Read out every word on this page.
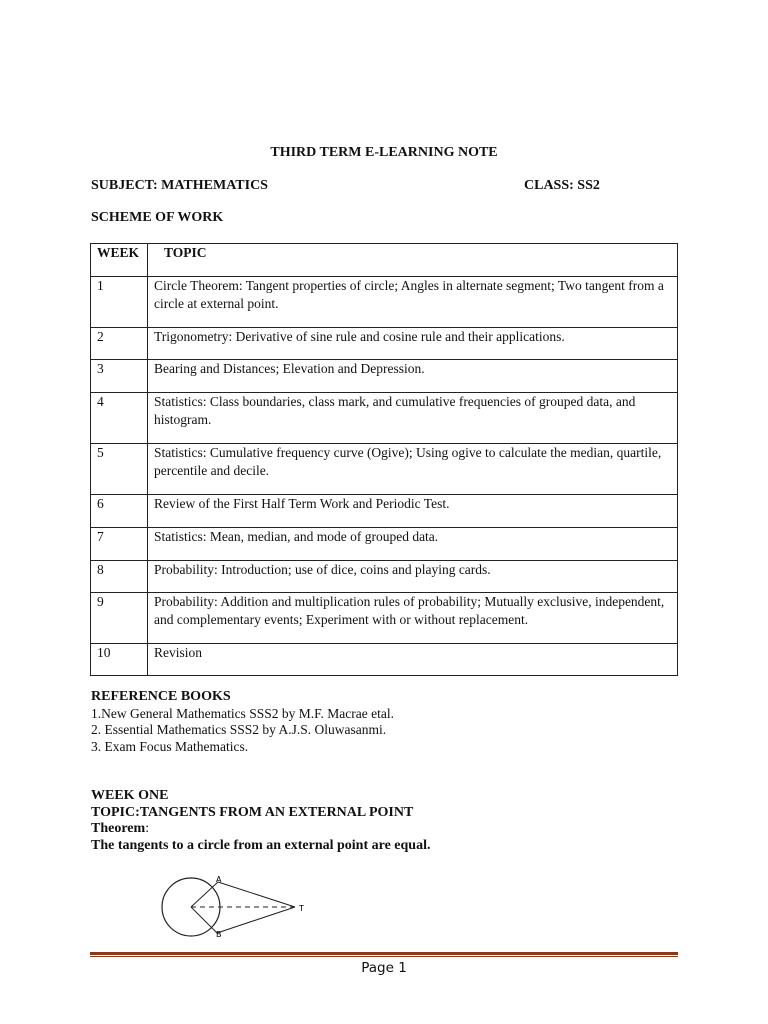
THIRD TERM E-LEARNING NOTE
SUBJECT: MATHEMATICS	CLASS: SS2
SCHEME OF WORK
WEEK	TOPIC
1	Circle Theorem: Tangent properties of circle; Angles in alternate segment; Two tangent from a circle at external point.
2	Trigonometry: Derivative of sine rule and cosine rule and their applications.
3	Bearing and Distances; Elevation and Depression.
4	Statistics: Class boundaries, class mark, and cumulative frequencies of grouped data, and histogram.
5	Statistics: Cumulative frequency curve (Ogive); Using ogive to calculate the median, quartile, percentile and decile.
6	Review of the First Half Term Work and Periodic Test.
7	Statistics: Mean, median, and mode of grouped data.
8	Probability: Introduction; use of dice, coins and playing cards.
9	Probability: Addition and multiplication rules of probability; Mutually exclusive, independent, and complementary events; Experiment with or without replacement.
10	Revision
REFERENCE BOOKS
1.New General Mathematics SSS2 by M.F. Macrae etal.
2. Essential Mathematics SSS2 by A.J.S. Oluwasanmi.
3. Exam Focus Mathematics.
WEEK ONE
TOPIC:TANGENTS FROM AN EXTERNAL POINT
Theorem:
The tangents to a circle from an external point are equal.
A
T
B
Page 1
